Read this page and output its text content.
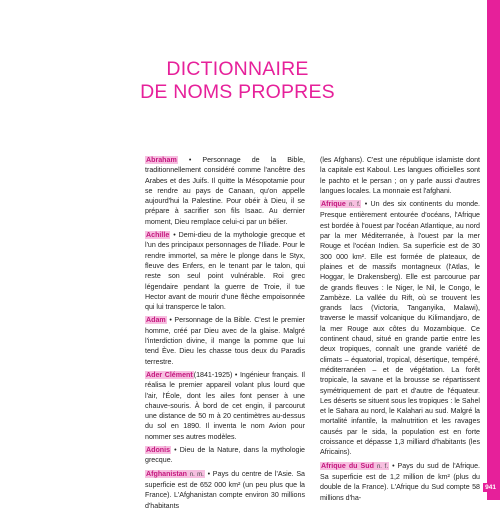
DICTIONNAIRE
DE NOMS PROPRES

Abraham • Personnage de la Bible, traditionnellement considéré comme l'ancêtre des Arabes et des Juifs. Il quitte la Mésopotamie pour se rendre au pays de Canaan, qu'on appelle aujourd'hui la Palestine. Pour obéir à Dieu, il se prépare à sacrifier son fils Isaac. Au dernier moment, Dieu remplace celui-ci par un bélier.

Achille • Demi-dieu de la mythologie grecque et l'un des principaux personnages de l'Iliade. Pour le rendre immortel, sa mère le plonge dans le Styx, fleuve des Enfers, en le tenant par le talon, qui reste son seul point vulnérable. Roi grec légendaire pendant la guerre de Troie, il tue Hector avant de mourir d'une flèche empoisonnée qui lui transperce le talon.

Adam • Personnage de la Bible. C'est le premier homme, créé par Dieu avec de la glaise. Malgré l'interdiction divine, il mange la pomme que lui tend Ève. Dieu les chasse tous deux du Paradis terrestre.

Ader Clément(1841-1925) • Ingénieur français. Il réalisa le premier appareil volant plus lourd que l'air, l'Éole, dont les ailes font penser à une chauve-souris. À bord de cet engin, il parcourut une distance de 50 m à 20 centimètres au-dessus du sol en 1890. Il inventa le nom Avion pour nommer ses autres modèles.

Adonis • Dieu de la Nature, dans la mythologie grecque.

Afghanistan n. m. • Pays du centre de l'Asie. Sa superficie est de 652 000 km² (un peu plus que la France). L'Afghanistan compte environ 30 millions d'habitants

(les Afghans). C'est une république islamiste dont la capitale est Kaboul. Les langues officielles sont le pachto et le persan ; on y parle aussi d'autres langues locales. La monnaie est l'afghani.

Afrique n. f. • Un des six continents du monde. Presque entièrement entourée d'océans, l'Afrique est bordée à l'ouest par l'océan Atlantique, au nord par la mer Méditerranée, à l'ouest par la mer Rouge et l'océan Indien. Sa superficie est de 30 300 000 km². Elle est formée de plateaux, de plaines et de massifs montagneux (l'Atlas, le Hoggar, le Drakensberg). Elle est parcourue par de grands fleuves : le Niger, le Nil, le Congo, le Zambèze. La vallée du Rift, où se trouvent les grands lacs (Victoria, Tanganyika, Malawi), traverse le massif volcanique du Kilimandjaro, de la mer Rouge aux côtes du Mozambique. Ce continent chaud, situé en grande partie entre les deux tropiques, connaît une grande variété de climats – équatorial, tropical, désertique, tempéré, méditerranéen – et de végétation. La forêt tropicale, la savane et la brousse se répartissent symétriquement de part et d'autre de l'équateur. Les déserts se situent sous les tropiques : le Sahel et le Sahara au nord, le Kalahari au sud. Malgré la mortalité infantile, la malnutrition et les ravages causés par le sida, la population est en forte croissance et dépasse 1,3 milliard d'habitants (les Africains).

Afrique du Sud n. f. • Pays du sud de l'Afrique. Sa superficie est de 1,2 million de km² (plus du double de la France). L'Afrique du Sud compte 58 millions d'ha-

941
